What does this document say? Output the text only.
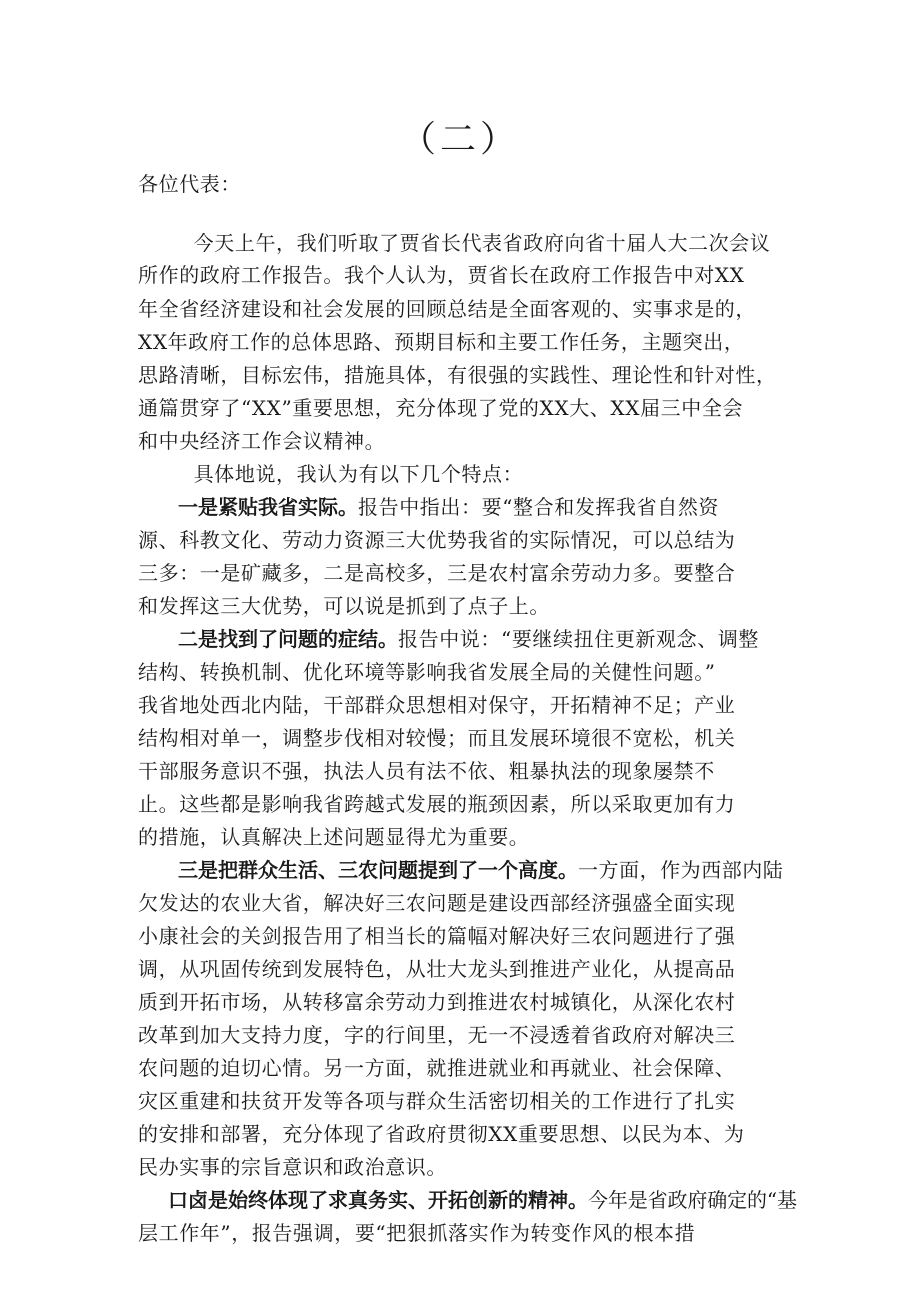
（二）
各位代表：
今天上午，我们听取了贾省长代表省政府向省十届人大二次会议
所作的政府工作报告。我个人认为，贾省长在政府工作报告中对XX
年全省经济建设和社会发展的回顾总结是全面客观的、实事求是的，
XX年政府工作的总体思路、预期目标和主要工作任务，主题突出，
思路清晰，目标宏伟，措施具体，有很强的实践性、理论性和针对性，
通篇贯穿了“XX”重要思想，充分体现了党的XX大、XX届三中全会
和中央经济工作会议精神。
具体地说，我认为有以下几个特点：
一是紧贴我省实际。报告中指出：要“整合和发挥我省自然资
源、科教文化、劳动力资源三大优势我省的实际情况，可以总结为
三多：一是矿藏多，二是高校多，三是农村富余劳动力多。要整合
和发挥这三大优势，可以说是抓到了点子上。
二是找到了问题的症结。报告中说：“要继续扭住更新观念、调整
结构、转换机制、优化环境等影响我省发展全局的关健性问题。”
我省地处西北内陆，干部群众思想相对保守，开拓精神不足；产业
结构相对单一，调整步伐相对较慢；而且发展环境很不宽松，机关
干部服务意识不强，执法人员有法不依、粗暴执法的现象屡禁不
止。这些都是影响我省跨越式发展的瓶颈因素，所以采取更加有力
的措施，认真解决上述问题显得尤为重要。
三是把群众生活、三农问题提到了一个高度。一方面，作为西部内陆
欠发达的农业大省，解决好三农问题是建设西部经济强盛全面实现
小康社会的关剑报告用了相当长的篇幅对解决好三农问题进行了强
调，从巩固传统到发展特色，从壮大龙头到推进产业化，从提高品
质到开拓市场，从转移富余劳动力到推进农村城镇化，从深化农村
改革到加大支持力度，字的行间里，无一不浸透着省政府对解决三
农问题的迫切心情。另一方面，就推进就业和再就业、社会保障、
灾区重建和扶贫开发等各项与群众生活密切相关的工作进行了扎实
的安排和部署，充分体现了省政府贯彻XX重要思想、以民为本、为
民办实事的宗旨意识和政治意识。
口卤是始终体现了求真务实、开拓创新的精神。今年是省政府确定的“基
层工作年”，报告强调，要“把狠抓落实作为转变作风的根本措
